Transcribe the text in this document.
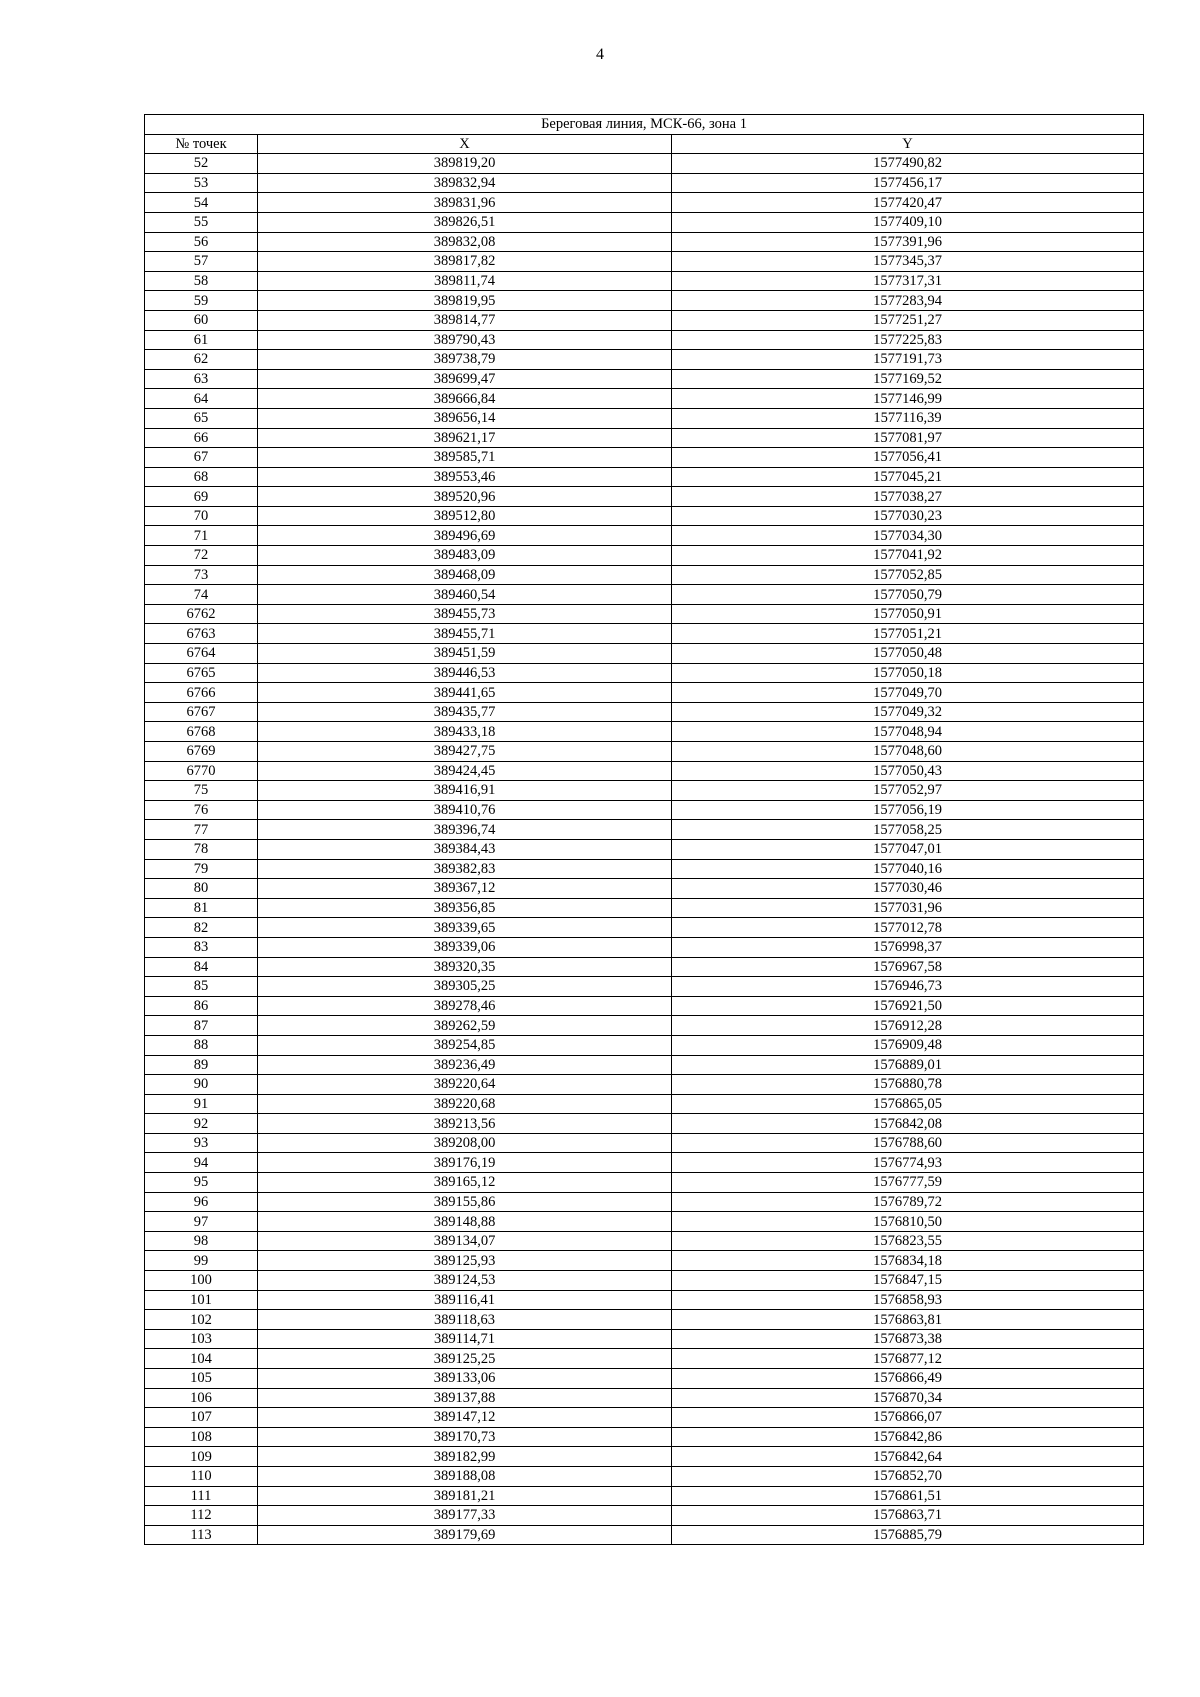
4
Береговая линия, МСК-66, зона 1		
№ точек	X	Y
52	389819,20	1577490,82
53	389832,94	1577456,17
54	389831,96	1577420,47
55	389826,51	1577409,10
56	389832,08	1577391,96
57	389817,82	1577345,37
58	389811,74	1577317,31
59	389819,95	1577283,94
60	389814,77	1577251,27
61	389790,43	1577225,83
62	389738,79	1577191,73
63	389699,47	1577169,52
64	389666,84	1577146,99
65	389656,14	1577116,39
66	389621,17	1577081,97
67	389585,71	1577056,41
68	389553,46	1577045,21
69	389520,96	1577038,27
70	389512,80	1577030,23
71	389496,69	1577034,30
72	389483,09	1577041,92
73	389468,09	1577052,85
74	389460,54	1577050,79
6762	389455,73	1577050,91
6763	389455,71	1577051,21
6764	389451,59	1577050,48
6765	389446,53	1577050,18
6766	389441,65	1577049,70
6767	389435,77	1577049,32
6768	389433,18	1577048,94
6769	389427,75	1577048,60
6770	389424,45	1577050,43
75	389416,91	1577052,97
76	389410,76	1577056,19
77	389396,74	1577058,25
78	389384,43	1577047,01
79	389382,83	1577040,16
80	389367,12	1577030,46
81	389356,85	1577031,96
82	389339,65	1577012,78
83	389339,06	1576998,37
84	389320,35	1576967,58
85	389305,25	1576946,73
86	389278,46	1576921,50
87	389262,59	1576912,28
88	389254,85	1576909,48
89	389236,49	1576889,01
90	389220,64	1576880,78
91	389220,68	1576865,05
92	389213,56	1576842,08
93	389208,00	1576788,60
94	389176,19	1576774,93
95	389165,12	1576777,59
96	389155,86	1576789,72
97	389148,88	1576810,50
98	389134,07	1576823,55
99	389125,93	1576834,18
100	389124,53	1576847,15
101	389116,41	1576858,93
102	389118,63	1576863,81
103	389114,71	1576873,38
104	389125,25	1576877,12
105	389133,06	1576866,49
106	389137,88	1576870,34
107	389147,12	1576866,07
108	389170,73	1576842,86
109	389182,99	1576842,64
110	389188,08	1576852,70
111	389181,21	1576861,51
112	389177,33	1576863,71
113	389179,69	1576885,79
